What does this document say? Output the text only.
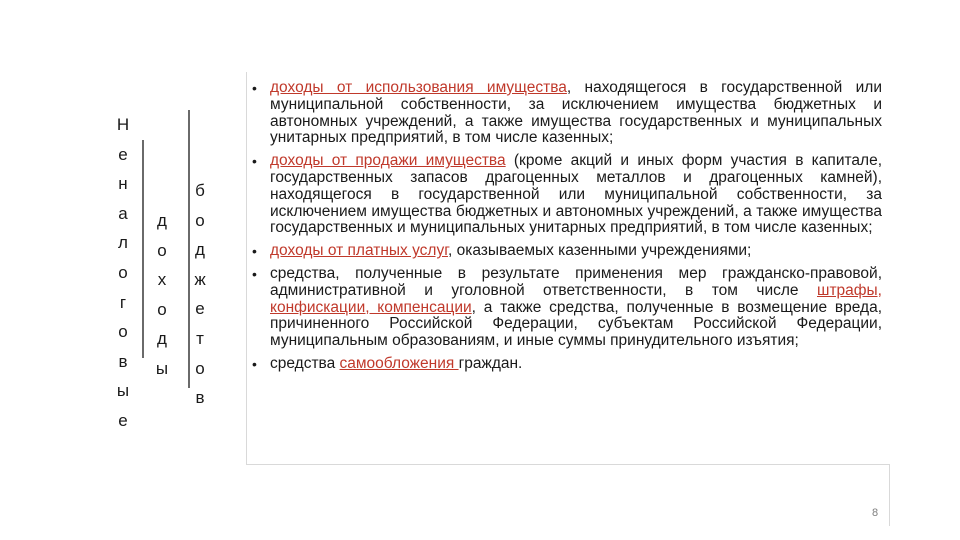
Н
е
н
а
л
о
г
о
в
ы
е
д
о
х
о
д
ы
б
о
д
ж
е
т
о
в
• доходы от использования имущества, находящегося в государственной или муниципальной собственности, за исключением имущества бюджетных и автономных учреждений, а также имущества государственных и муниципальных унитарных предприятий, в том числе казенных;
• доходы от продажи имущества (кроме акций и иных форм участия в капитале, государственных запасов драгоценных металлов и драгоценных камней), находящегося в государственной или муниципальной собственности, за исключением имущества бюджетных и автономных учреждений, а также имущества государственных и муниципальных унитарных предприятий, в том числе казенных;
• доходы от платных услуг, оказываемых казенными учреждениями;
• средства, полученные в результате применения мер гражданско-правовой, административной и уголовной ответственности, в том числе штрафы, конфискации, компенсации, а также средства, полученные в возмещение вреда, причиненного Российской Федерации, субъектам Российской Федерации, муниципальным образованиям, и иные суммы принудительного изъятия;
• средства самообложения граждан.
8
